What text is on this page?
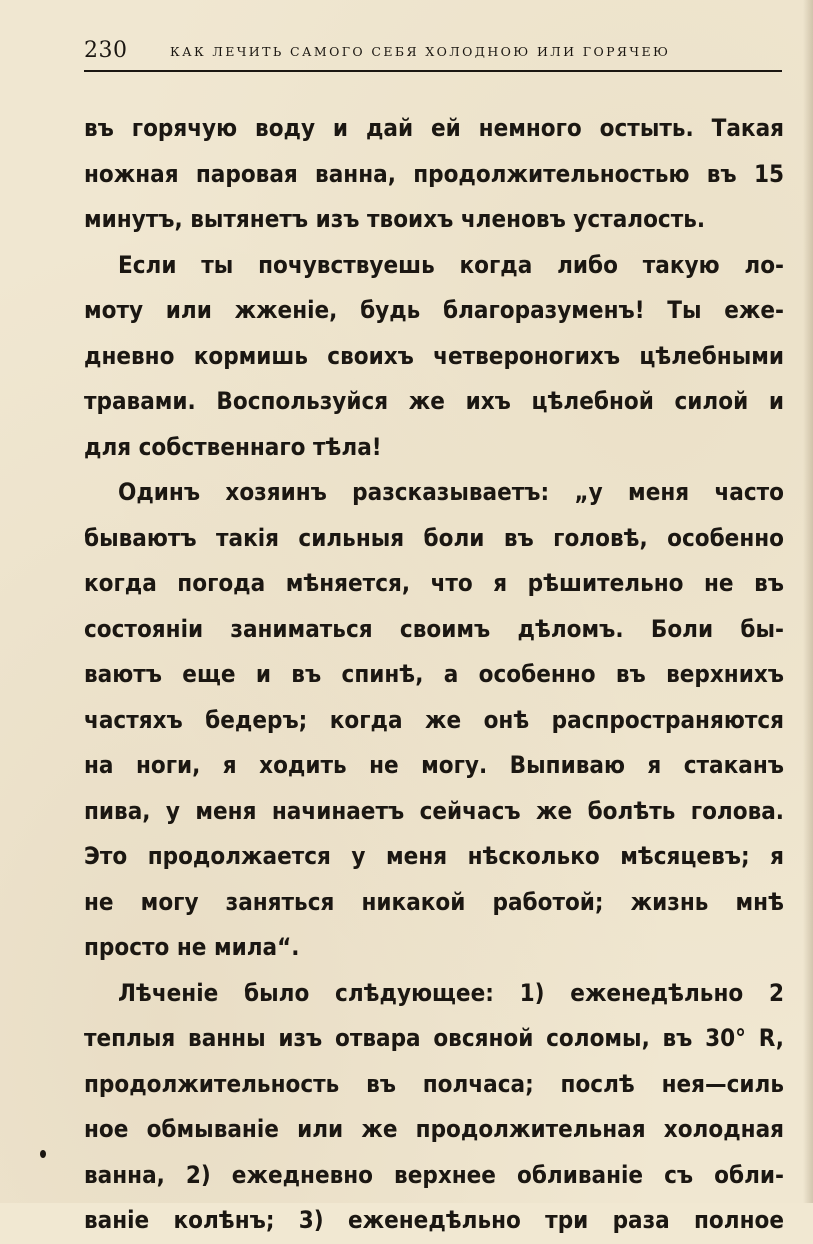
230	КАК ЛЕЧИТЬ САМОГО СЕБЯ ХОЛОДНОЮ ИЛИ ГОРЯЧЕЮ
въ горячую воду и дай ей немного остыть. Такая
ножная паровая ванна, продолжительностью въ 15
минутъ, вытянетъ изъ твоихъ членовъ усталость.
Если ты почувствуешь когда либо такую ло-
моту или жженіе, будь благоразуменъ! Ты еже-
дневно кормишь своихъ четвероногихъ цѣлебными
травами. Воспользуйся же ихъ цѣлебной силой и
для собственнаго тѣла!
Одинъ хозяинъ разсказываетъ: „у меня часто
бываютъ такія сильныя боли въ головѣ, особенно
когда погода мѣняется, что я рѣшительно не въ
состояніи заниматься своимъ дѣломъ. Боли бы-
ваютъ еще и въ спинѣ, а особенно въ верхнихъ
частяхъ бедеръ; когда же онѣ распространяются
на ноги, я ходить не могу. Выпиваю я стаканъ
пива, у меня начинаетъ сейчасъ же болѣть голова.
Это продолжается у меня нѣсколько мѣсяцевъ; я
не могу заняться никакой работой; жизнь мнѣ
просто не мила“.
Лѣченіе было слѣдующее: 1) еженедѣльно 2
теплыя ванны изъ отвара овсяной соломы, въ 30° R,
продолжительность въ полчаса; послѣ нея—силь
ное обмыванiе или же продолжительная холодная
ванна, 2) ежедневно верхнее обливанiе съ обли-
ванiе колѣнъ; 3) еженедѣльно три раза полное
